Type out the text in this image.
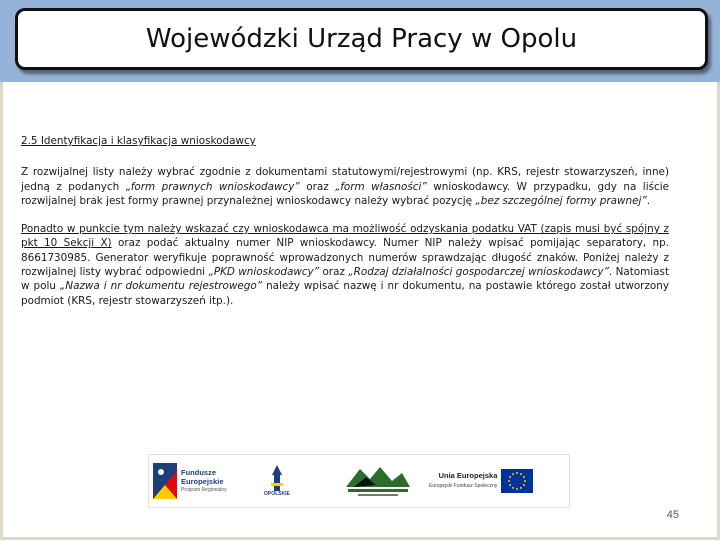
Wojewódzki Urząd Pracy w Opolu
2.5 Identyfikacja i klasyfikacja wnioskodawcy

Z rozwijalnej listy należy wybrać zgodnie z dokumentami statutowymi/rejestrowymi (np. KRS, rejestr stowarzyszeń, inne) jedną z podanych „form prawnych wnioskodawcy” oraz „form własności” wnioskodawcy. W przypadku, gdy na liście rozwijalnej brak jest formy prawnej przynależnej wnioskodawcy należy wybrać pozycję „bez szczególnej formy prawnej”.

Ponadto w punkcie tym należy wskazać czy wnioskodawca ma możliwość odzyskania podatku VAT (zapis musi być spójny z pkt 10 Sekcji X) oraz podać aktualny numer NIP wnioskodawcy. Numer NIP należy wpisać pomijając separatory, np. 8661730985. Generator weryfikuje poprawność wprowadzonych numerów sprawdzając długość znaków. Poniżej należy z rozwijalnej listy wybrać odpowiedni „PKD wnioskodawcy” oraz „Rodzaj działalności gospodarczej wnioskodawcy”. Natomiast w polu „Nazwa i nr dokumentu rejestrowego” należy wpisać nazwę i nr dokumentu, na postawie którego został utworzony podmiot (KRS, rejestr stowarzyszeń itp.).

Fundusze
Europejskie
Program Regionalny
OPOLSKIE
Unia Europejska
Europejski Fundusz Społeczny
45
